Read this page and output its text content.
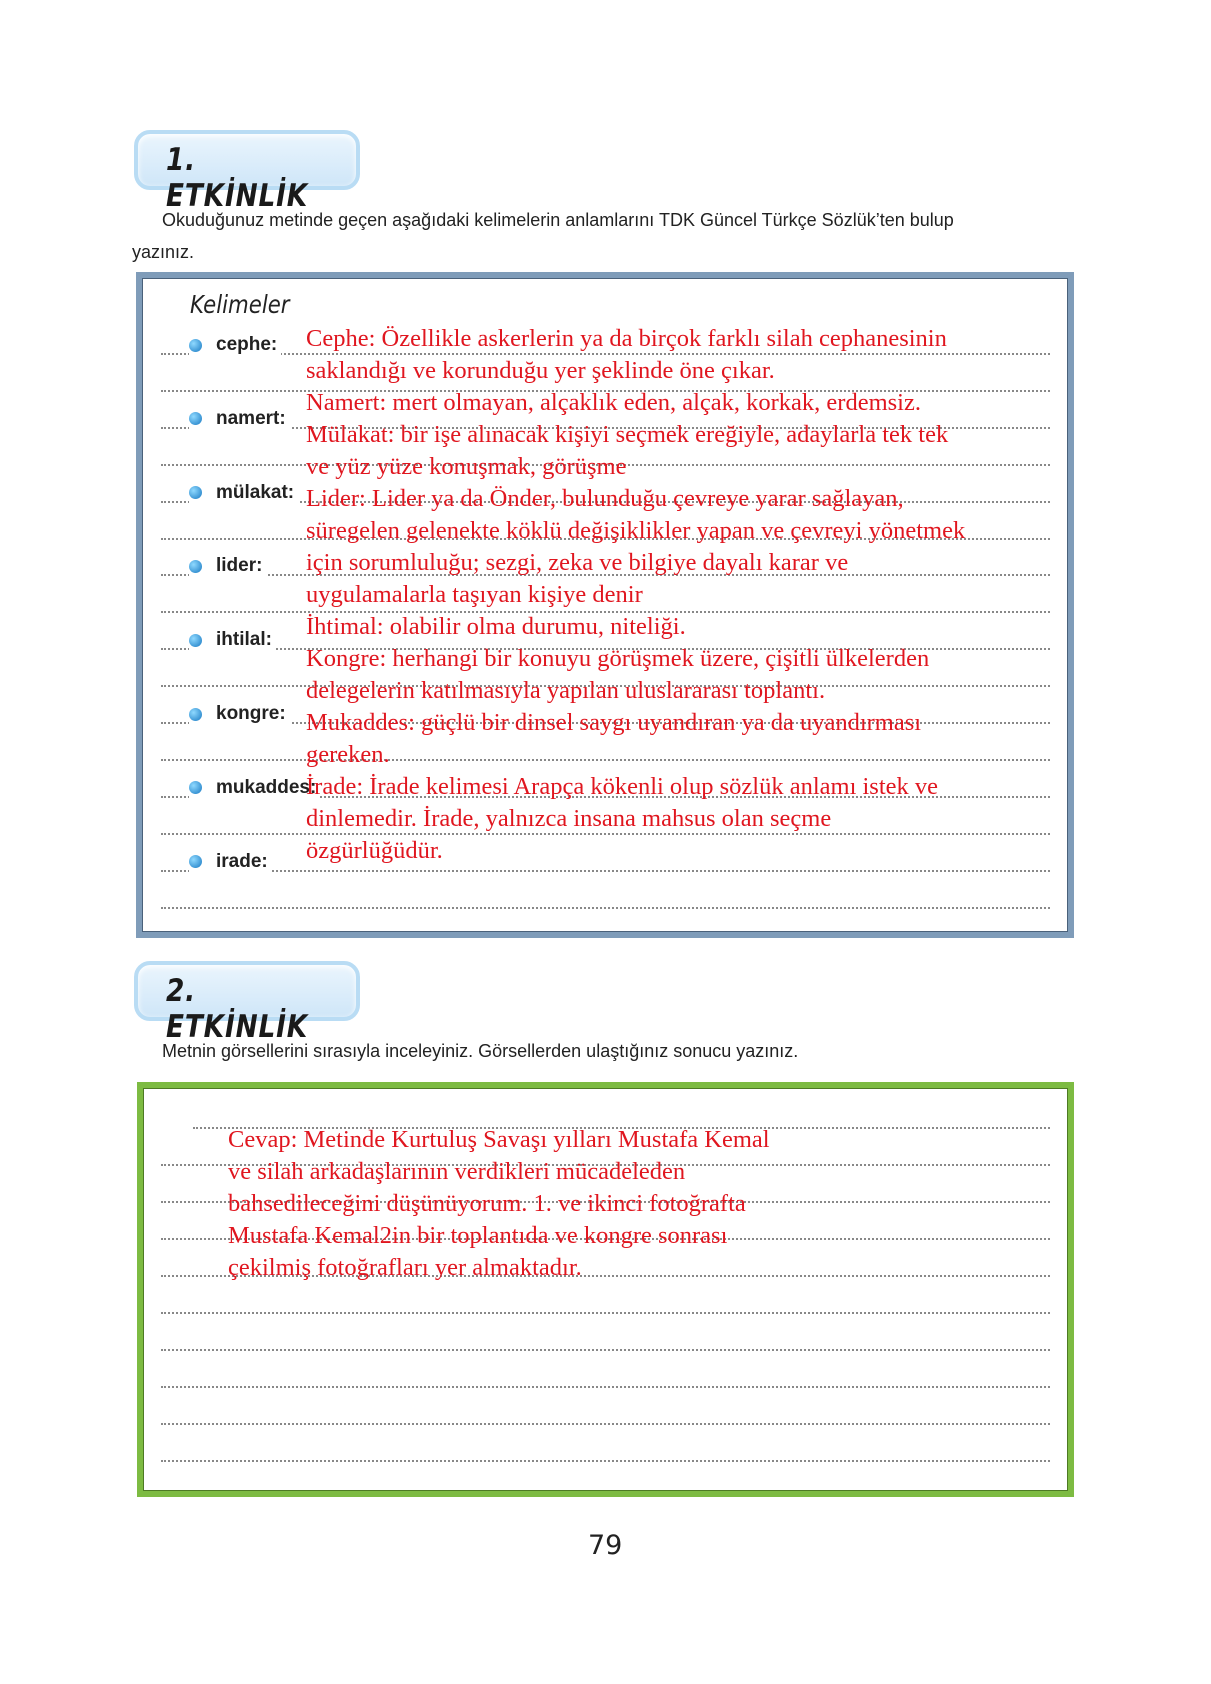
1. ETKİNLİK
Okuduğunuz metinde geçen aşağıdaki kelimelerin anlamlarını TDK Güncel Türkçe Sözlük’ten bulup
yazınız.
Kelimeler
cephe:
namert:
mülakat:
lider:
ihtilal:
kongre:
mukaddes:
irade:
Cephe: Özellikle askerlerin ya da birçok farklı silah cephanesinin
saklandığı ve korunduğu yer şeklinde öne çıkar.
Namert: mert olmayan, alçaklık eden, alçak, korkak, erdemsiz.
Mülakat: bir işe alınacak kişiyi seçmek ereğiyle, adaylarla tek tek
ve yüz yüze konuşmak, görüşme
Lider: Lider ya da Önder, bulunduğu çevreye yarar sağlayan,
süregelen gelenekte köklü değişiklikler yapan ve çevreyi yönetmek
için sorumluluğu; sezgi, zeka ve bilgiye dayalı karar ve
uygulamalarla taşıyan kişiye denir
İhtimal: olabilir olma durumu, niteliği.
Kongre: herhangi bir konuyu görüşmek üzere, çişitli ülkelerden
delegelerin katılmasıyla yapılan uluslararası toplantı.
Mukaddes: güçlü bir dinsel saygı uyandıran ya da uyandırması
gereken.
İrade: İrade kelimesi Arapça kökenli olup sözlük anlamı istek ve
dinlemedir. İrade, yalnızca insana mahsus olan seçme
özgürlüğüdür.
2. ETKİNLİK
Metnin görsellerini sırasıyla inceleyiniz. Görsellerden ulaştığınız sonucu yazınız.
Cevap: Metinde Kurtuluş Savaşı yılları Mustafa Kemal
ve silah arkadaşlarının verdikleri mücadeleden
bahsedileceğini düşünüyorum. 1. ve ikinci fotoğrafta
Mustafa Kemal2in bir toplantıda ve kongre sonrası
çekilmiş fotoğrafları yer almaktadır.
79
